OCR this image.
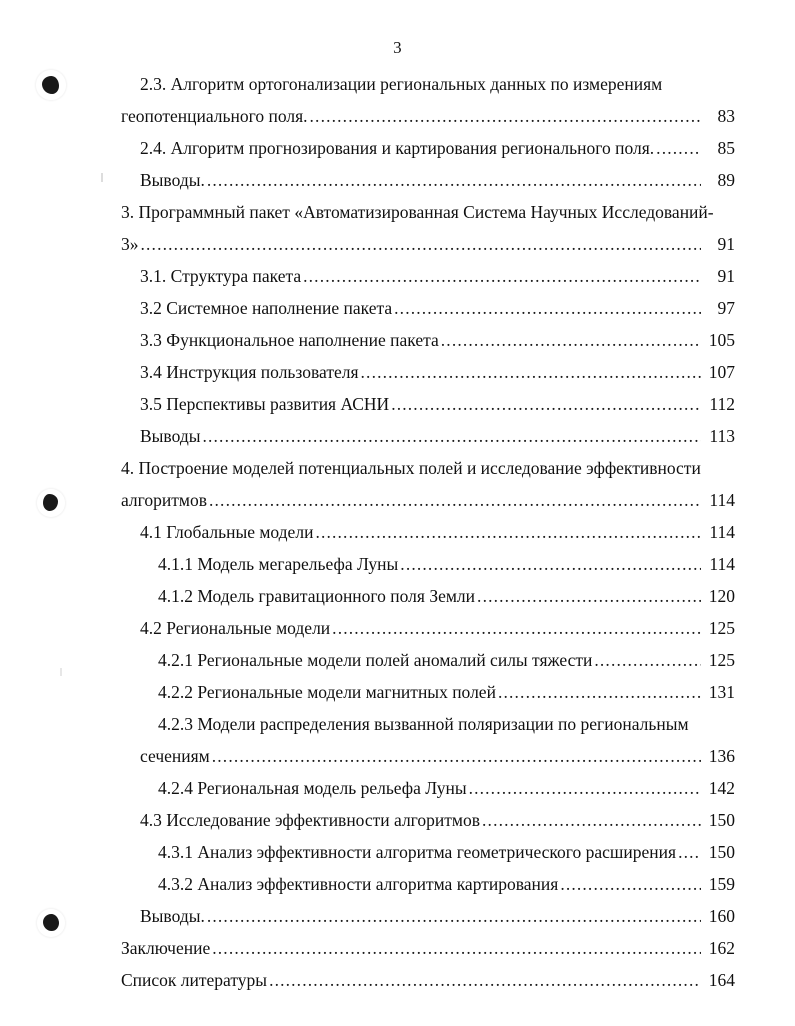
3
2.3. Алгоритм ортогонализации региональных данных по измерениям
геопотенциального поля. .....	83
2.4. Алгоритм прогнозирования и картирования регионального поля. .....	85
Выводы. .....	89
3. Программный пакет «Автоматизированная Система Научных Исследований-
3» .....	91
3.1. Структура пакета .....	91
3.2 Системное наполнение пакета .....	97
3.3 Функциональное наполнение пакета .....	105
3.4 Инструкция пользователя .....	107
3.5 Перспективы развития АСНИ .....	112
Выводы .....	113
4. Построение моделей потенциальных полей и исследование эффективности
алгоритмов .....	114
4.1 Глобальные модели .....	114
4.1.1 Модель мегарельефа Луны .....	114
4.1.2 Модель гравитационного поля Земли .....	120
4.2 Региональные модели .....	125
4.2.1 Региональные модели полей аномалий силы тяжести .....	125
4.2.2 Региональные модели магнитных полей .....	131
4.2.3 Модели распределения вызванной поляризации по региональным
сечениям .....	136
4.2.4 Региональная модель рельефа Луны .....	142
4.3 Исследование эффективности алгоритмов .....	150
4.3.1 Анализ эффективности алгоритма геометрического расширения .....	150
4.3.2 Анализ эффективности алгоритма картирования .....	159
Выводы. .....	160
Заключение .....	162
Список литературы .....	164
